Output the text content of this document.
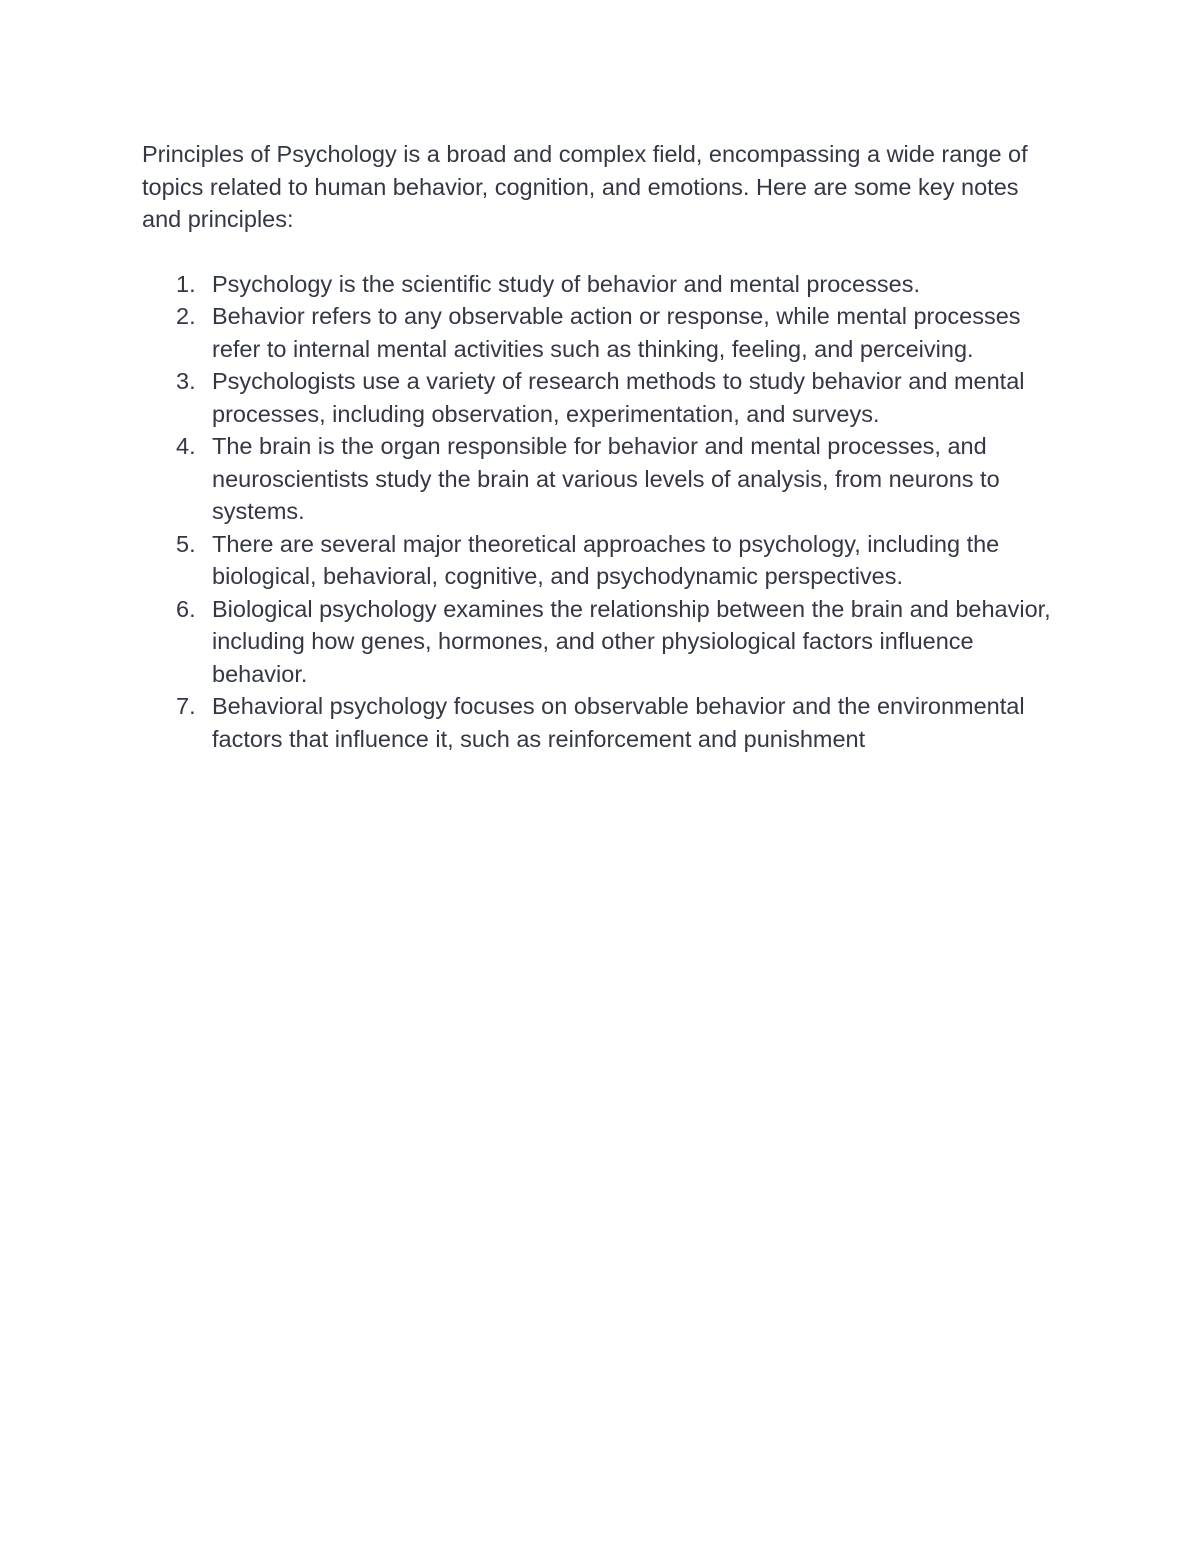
Principles of Psychology is a broad and complex field, encompassing a wide range of
topics related to human behavior, cognition, and emotions. Here are some key notes
and principles:

1. Psychology is the scientific study of behavior and mental processes.
2. Behavior refers to any observable action or response, while mental processes
refer to internal mental activities such as thinking, feeling, and perceiving.
3. Psychologists use a variety of research methods to study behavior and mental
processes, including observation, experimentation, and surveys.
4. The brain is the organ responsible for behavior and mental processes, and
neuroscientists study the brain at various levels of analysis, from neurons to
systems.
5. There are several major theoretical approaches to psychology, including the
biological, behavioral, cognitive, and psychodynamic perspectives.
6. Biological psychology examines the relationship between the brain and behavior,
including how genes, hormones, and other physiological factors influence
behavior.
7. Behavioral psychology focuses on observable behavior and the environmental
factors that influence it, such as reinforcement and punishment
